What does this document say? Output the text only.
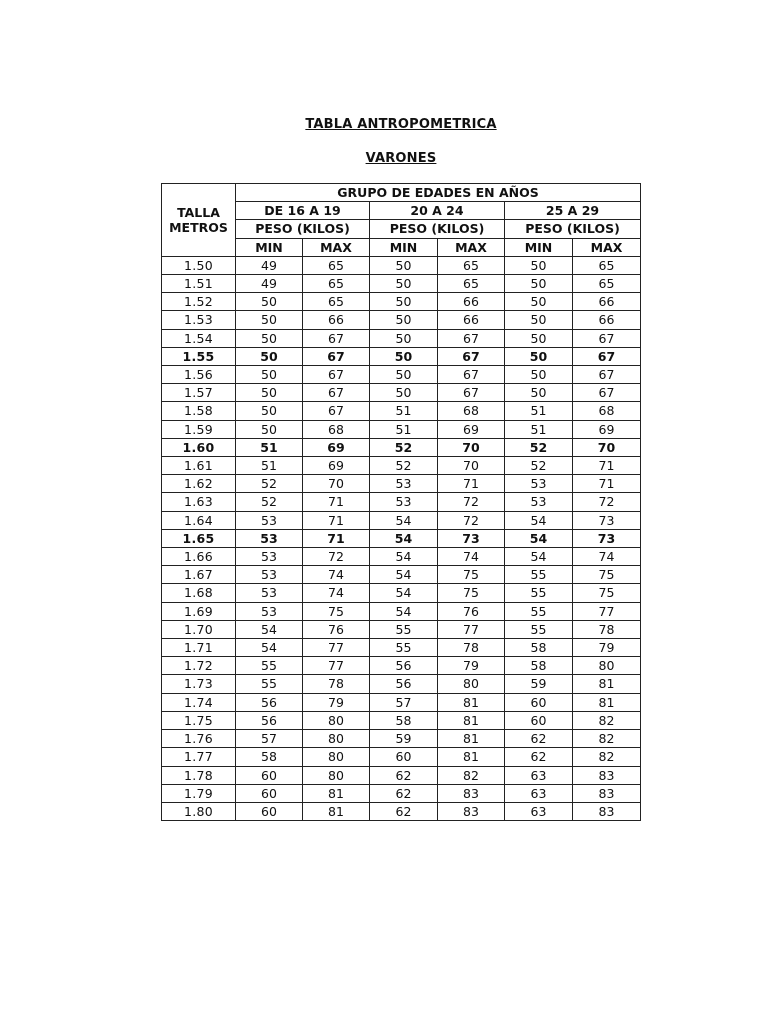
TABLA ANTROPOMETRICA
VARONES
TALLA
METROS	GRUPO DE EDADES EN AÑOS					
	DE 16 A 19		20 A 24		25 A 29	
	PESO (KILOS)		PESO (KILOS)		PESO (KILOS)	
	MIN	MAX	MIN	MAX	MIN	MAX
1.50	49	65	50	65	50	65
1.51	49	65	50	65	50	65
1.52	50	65	50	66	50	66
1.53	50	66	50	66	50	66
1.54	50	67	50	67	50	67
1.55	50	67	50	67	50	67
1.56	50	67	50	67	50	67
1.57	50	67	50	67	50	67
1.58	50	67	51	68	51	68
1.59	50	68	51	69	51	69
1.60	51	69	52	70	52	70
1.61	51	69	52	70	52	71
1.62	52	70	53	71	53	71
1.63	52	71	53	72	53	72
1.64	53	71	54	72	54	73
1.65	53	71	54	73	54	73
1.66	53	72	54	74	54	74
1.67	53	74	54	75	55	75
1.68	53	74	54	75	55	75
1.69	53	75	54	76	55	77
1.70	54	76	55	77	55	78
1.71	54	77	55	78	58	79
1.72	55	77	56	79	58	80
1.73	55	78	56	80	59	81
1.74	56	79	57	81	60	81
1.75	56	80	58	81	60	82
1.76	57	80	59	81	62	82
1.77	58	80	60	81	62	82
1.78	60	80	62	82	63	83
1.79	60	81	62	83	63	83
1.80	60	81	62	83	63	83
